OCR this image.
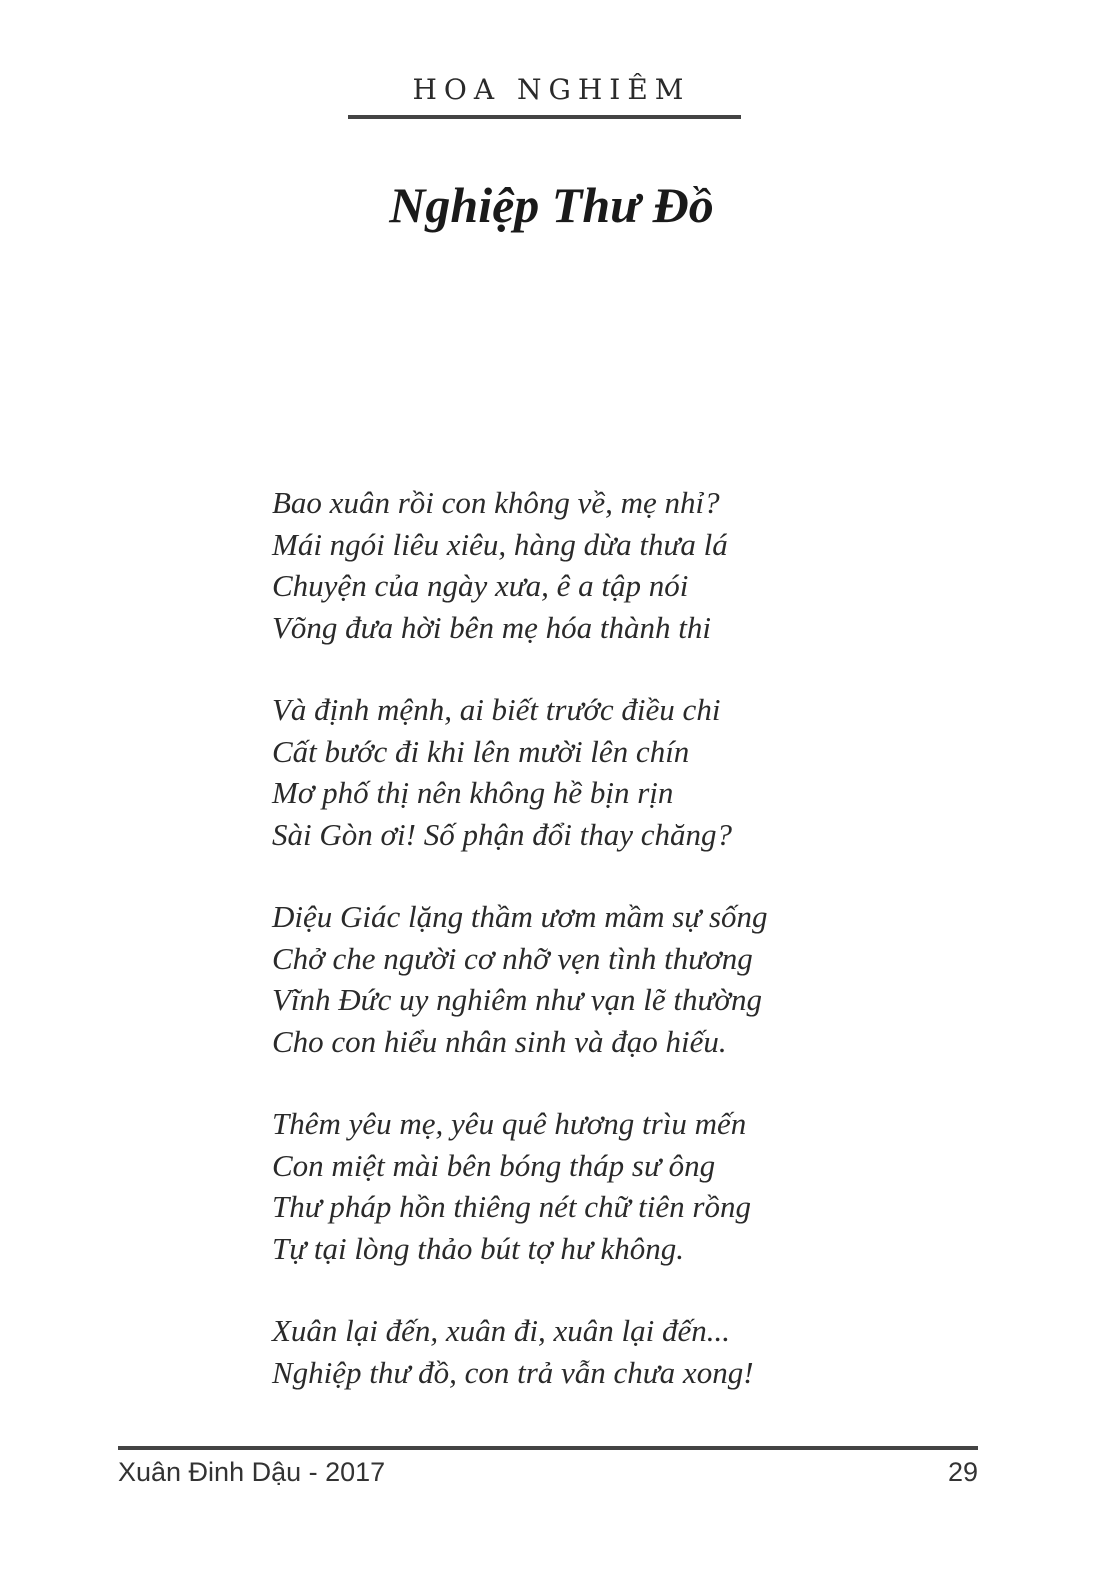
HOA NGHIÊM
Nghiệp Thư Đồ
Bao xuân rồi con không về, mẹ nhỉ?
Mái ngói liêu xiêu, hàng dừa thưa lá
Chuyện của ngày xưa, ê a tập nói
Võng đưa hời bên mẹ hóa thành thi
Và định mệnh, ai biết trước điều chi
Cất bước đi khi lên mười lên chín
Mơ phố thị nên không hề bịn rịn
Sài Gòn ơi! Số phận đổi thay chăng?
Diệu Giác lặng thầm ươm mầm sự sống
Chở che người cơ nhỡ vẹn tình thương
Vĩnh Đức uy nghiêm như vạn lẽ thường
Cho con hiểu nhân sinh và đạo hiếu.
Thêm yêu mẹ, yêu quê hương trìu mến
Con miệt mài bên bóng tháp sư ông
Thư pháp hồn thiêng nét chữ tiên rồng
Tự tại lòng thảo bút tợ hư không.
Xuân lại đến, xuân đi, xuân lại đến...
Nghiệp thư đồ, con trả vẫn chưa xong!
Xuân Đinh Dậu - 2017	29
